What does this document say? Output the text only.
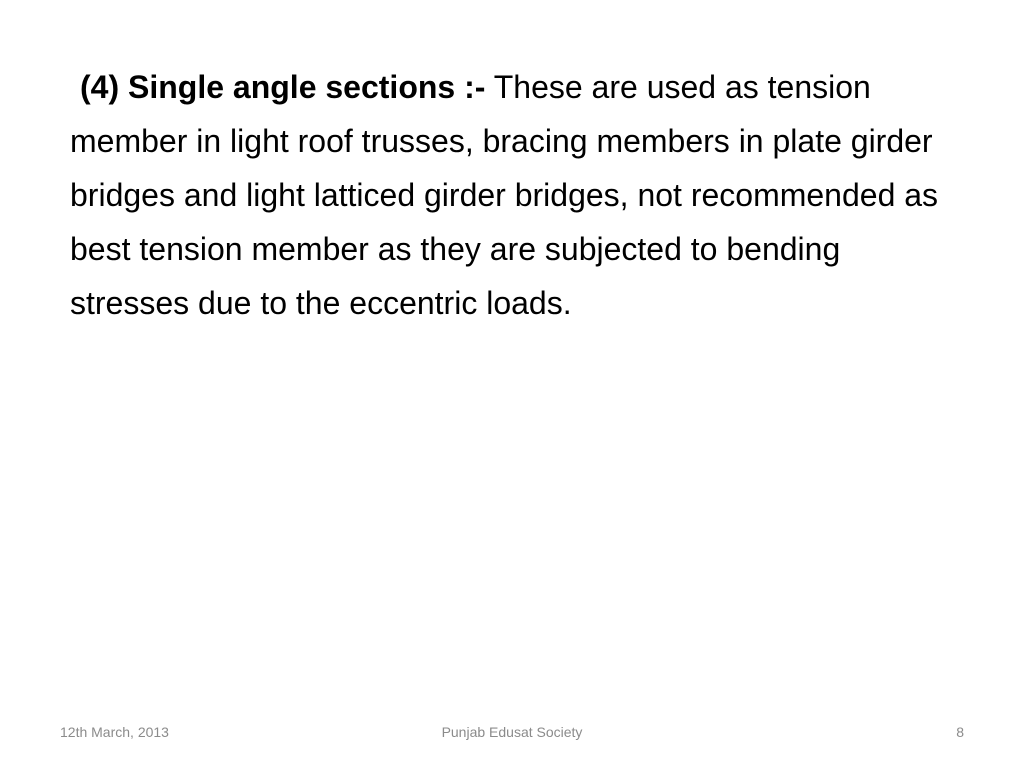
(4) Single angle sections :- These are used as tension member in light roof trusses, bracing members in plate girder bridges and light latticed girder bridges, not recommended as best tension member as they are subjected to bending stresses due to the eccentric loads.

Punjab Edusat Society
12th March, 2013	8
